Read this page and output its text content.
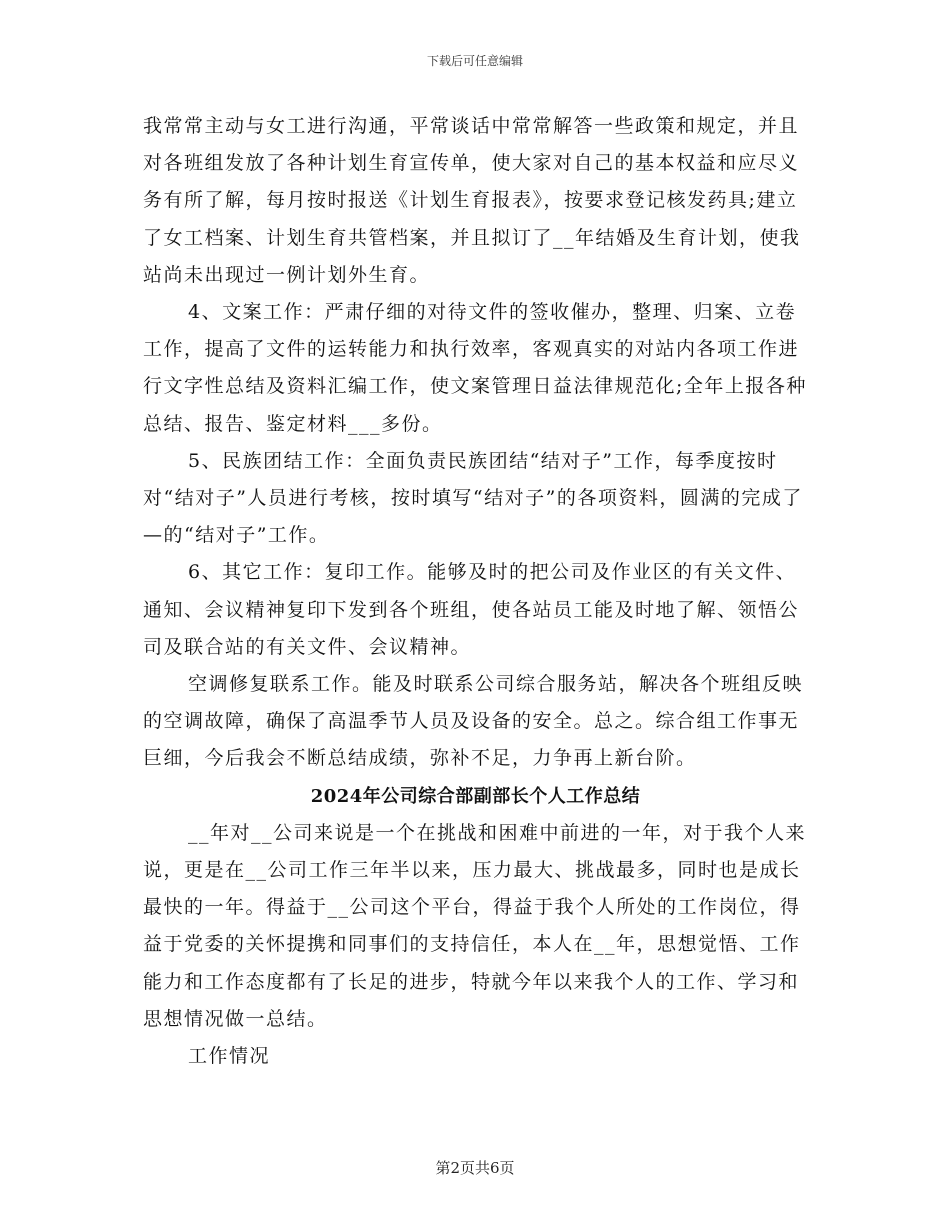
下载后可任意编辑

我常常主动与女工进行沟通，平常谈话中常常解答一些政策和规定，并且对各班组发放了各种计划生育宣传单，使大家对自己的基本权益和应尽义务有所了解，每月按时报送《计划生育报表》，按要求登记核发药具;建立了女工档案、计划生育共管档案，并且拟订了__年结婚及生育计划，使我站尚未出现过一例计划外生育。

4、文案工作：严肃仔细的对待文件的签收催办，整理、归案、立卷工作，提高了文件的运转能力和执行效率，客观真实的对站内各项工作进行文字性总结及资料汇编工作，使文案管理日益法律规范化;全年上报各种总结、报告、鉴定材料___多份。

5、民族团结工作：全面负责民族团结“结对子”工作，每季度按时对“结对子”人员进行考核，按时填写“结对子”的各项资料，圆满的完成了—的“结对子”工作。

6、其它工作：复印工作。能够及时的把公司及作业区的有关文件、通知、会议精神复印下发到各个班组，使各站员工能及时地了解、领悟公司及联合站的有关文件、会议精神。

空调修复联系工作。能及时联系公司综合服务站，解决各个班组反映的空调故障，确保了高温季节人员及设备的安全。总之。综合组工作事无巨细，今后我会不断总结成绩，弥补不足，力争再上新台阶。

2024年公司综合部副部长个人工作总结

__年对__公司来说是一个在挑战和困难中前进的一年，对于我个人来说，更是在__公司工作三年半以来，压力最大、挑战最多，同时也是成长最快的一年。得益于__公司这个平台，得益于我个人所处的工作岗位，得益于党委的关怀提携和同事们的支持信任，本人在__年，思想觉悟、工作能力和工作态度都有了长足的进步，特就今年以来我个人的工作、学习和思想情况做一总结。

工作情况

第2页共6页
